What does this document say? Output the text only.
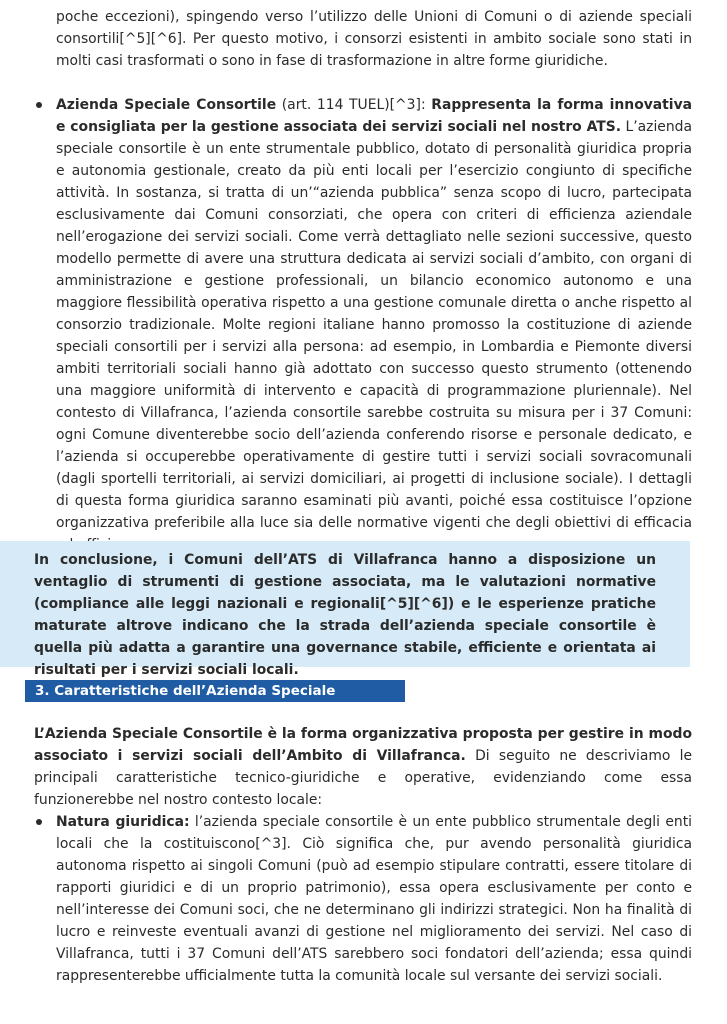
poche eccezioni), spingendo verso l’utilizzo delle Unioni di Comuni o di aziende speciali consortili[^5][^6]. Per questo motivo, i consorzi esistenti in ambito sociale sono stati in molti casi trasformati o sono in fase di trasformazione in altre forme giuridiche.
Azienda Speciale Consortile (art. 114 TUEL)[^3]: Rappresenta la forma innovativa e consigliata per la gestione associata dei servizi sociali nel nostro ATS. L’azienda speciale consortile è un ente strumentale pubblico, dotato di personalità giuridica propria e autonomia gestionale, creato da più enti locali per l’esercizio congiunto di specifiche attività. In sostanza, si tratta di un’“azienda pubblica” senza scopo di lucro, partecipata esclusivamente dai Comuni consorziati, che opera con criteri di efficienza aziendale nell’erogazione dei servizi sociali. Come verrà dettagliato nelle sezioni successive, questo modello permette di avere una struttura dedicata ai servizi sociali d’ambito, con organi di amministrazione e gestione professionali, un bilancio economico autonomo e una maggiore flessibilità operativa rispetto a una gestione comunale diretta o anche rispetto al consorzio tradizionale. Molte regioni italiane hanno promosso la costituzione di aziende speciali consortili per i servizi alla persona: ad esempio, in Lombardia e Piemonte diversi ambiti territoriali sociali hanno già adottato con successo questo strumento (ottenendo una maggiore uniformità di intervento e capacità di programmazione pluriennale). Nel contesto di Villafranca, l’azienda consortile sarebbe costruita su misura per i 37 Comuni: ogni Comune diventerebbe socio dell’azienda conferendo risorse e personale dedicato, e l’azienda si occuperebbe operativamente di gestire tutti i servizi sociali sovracomunali (dagli sportelli territoriali, ai servizi domiciliari, ai progetti di inclusione sociale). I dettagli di questa forma giuridica saranno esaminati più avanti, poiché essa costituisce l’opzione organizzativa preferibile alla luce sia delle normative vigenti che degli obiettivi di efficacia

In conclusione, i Comuni dell’ATS di Villafranca hanno a disposizione un ventaglio di strumenti di gestione associata, ma le valutazioni normative (compliance alle leggi nazionali e regionali[^5][^6]) e le esperienze pratiche maturate altrove indicano che la strada dell’azienda speciale consortile è quella più adatta a garantire una governance stabile, efficiente e orientata ai risultati per i servizi sociali locali.

3. Caratteristiche dell’Azienda Speciale Consortile
L’Azienda Speciale Consortile è la forma organizzativa proposta per gestire in modo associato i servizi sociali dell’Ambito di Villafranca. Di seguito ne descriviamo le principali caratteristiche tecnico-giuridiche e operative, evidenziando come essa funzionerebbe nel nostro contesto locale:
Natura giuridica: l’azienda speciale consortile è un ente pubblico strumentale degli enti locali che la costituiscono[^3]. Ciò significa che, pur avendo personalità giuridica autonoma rispetto ai singoli Comuni (può ad esempio stipulare contratti, essere titolare di rapporti giuridici e di un proprio patrimonio), essa opera esclusivamente per conto e nell’interesse dei Comuni soci, che ne determinano gli indirizzi strategici. Non ha finalità di lucro e reinveste eventuali avanzi di gestione nel miglioramento dei servizi. Nel caso di Villafranca, tutti i 37 Comuni dell’ATS sarebbero soci fondatori dell’azienda; essa quindi rappresenterebbe ufficialmente tutta la comunità locale sul versante dei servizi sociali.
